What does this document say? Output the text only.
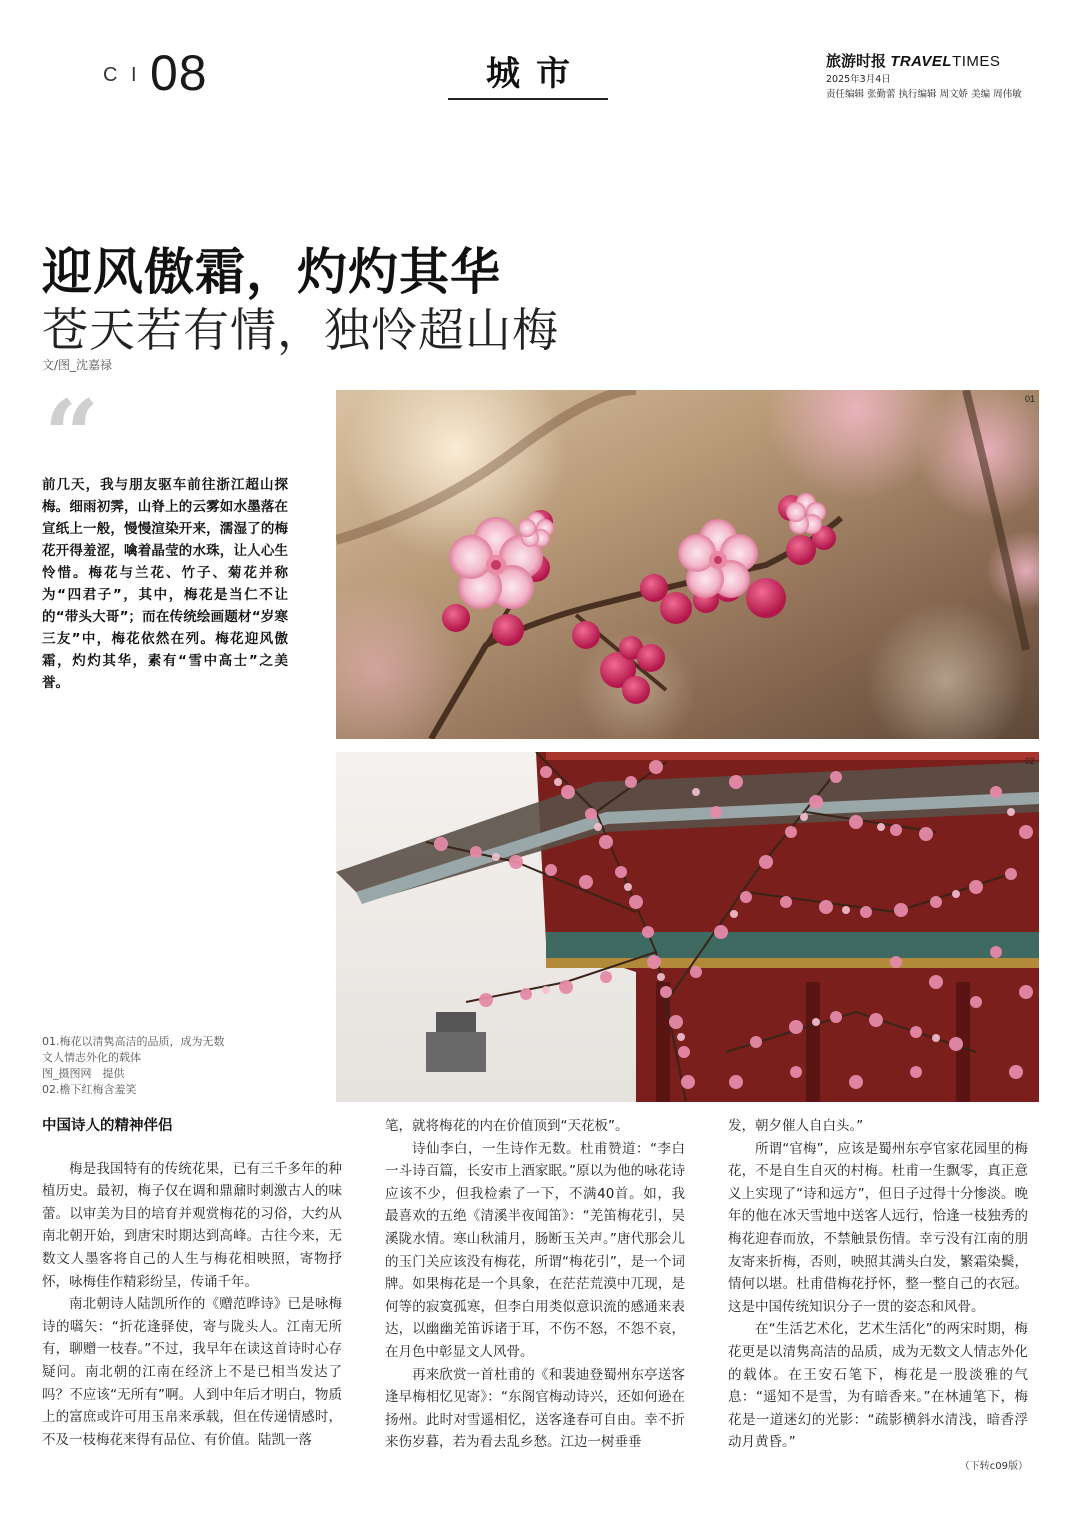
C I 08	城市	旅游时报 TRAVELTIMES
2025年3月4日
责任编辑 张勤蕾 执行编辑 周文娇 美编 周伟敏
迎风傲霜，灼灼其华
苍天若有情，独怜超山梅
文/图_沈嘉禄
“
前几天，我与朋友驱车前往浙江超山探梅。细雨初霁，山脊上的云雾如水墨落在宣纸上一般，慢慢渲染开来，濡湿了的梅花开得羞涩，噙着晶莹的水珠，让人心生怜惜。梅花与兰花、竹子、菊花并称为“四君子”，其中，梅花是当仁不让的“带头大哥”；而在传统绘画题材“岁寒三友”中，梅花依然在列。梅花迎风傲霜，灼灼其华，素有“雪中高士”之美誉。
01
02
01.梅花以清隽高洁的品质，成为无数
文人情志外化的载体
图_摄图网　提供
02.檐下红梅含羞笑
中国诗人的精神伴侣

梅是我国特有的传统花果，已有三千多年的种植历史。最初，梅子仅在调和鼎鼐时刺激古人的味蕾。以审美为目的培育并观赏梅花的习俗，大约从南北朝开始，到唐宋时期达到高峰。古往今来，无数文人墨客将自己的人生与梅花相映照，寄物抒怀，咏梅佳作精彩纷呈，传诵千年。

南北朝诗人陆凯所作的《赠范晔诗》已是咏梅诗的嚆矢：“折花逢驿使，寄与陇头人。江南无所有，聊赠一枝春。”不过，我早年在读这首诗时心存疑问。南北朝的江南在经济上不是已相当发达了吗？不应该“无所有”啊。人到中年后才明白，物质上的富庶或许可用玉帛来承载，但在传递情感时，不及一枝梅花来得有品位、有价值。陆凯一落

笔，就将梅花的内在价值顶到“天花板”。

诗仙李白，一生诗作无数。杜甫赞道：“李白一斗诗百篇，长安市上酒家眠。”原以为他的咏花诗应该不少，但我检索了一下，不满40首。如，我最喜欢的五绝《清溪半夜闻笛》：“羌笛梅花引，吴溪陇水情。寒山秋浦月，肠断玉关声。”唐代那会儿的玉门关应该没有梅花，所谓“梅花引”，是一个词牌。如果梅花是一个具象，在茫茫荒漠中兀现，是何等的寂寞孤寒，但李白用类似意识流的感通来表达，以幽幽羌笛诉诸于耳，不伤不怒，不怨不哀，在月色中彰显文人风骨。

再来欣赏一首杜甫的《和裴迪登蜀州东亭送客逢早梅相忆见寄》：“东阁官梅动诗兴，还如何逊在扬州。此时对雪遥相忆，送客逢春可自由。幸不折来伤岁暮，若为看去乱乡愁。江边一树垂垂

发，朝夕催人自白头。”

所谓“官梅”，应该是蜀州东亭官家花园里的梅花，不是自生自灭的村梅。杜甫一生飘零，真正意义上实现了“诗和远方”，但日子过得十分惨淡。晚年的他在冰天雪地中送客人远行，恰逢一枝独秀的梅花迎春而放，不禁触景伤情。幸亏没有江南的朋友寄来折梅，否则，映照其满头白发，繁霜染鬓，情何以堪。杜甫借梅花抒怀，整一整自己的衣冠。这是中国传统知识分子一贯的姿态和风骨。

在“生活艺术化，艺术生活化”的两宋时期，梅花更是以清隽高洁的品质，成为无数文人情志外化的载体。在王安石笔下，梅花是一股淡雅的气息：“遥知不是雪，为有暗香来。”在林逋笔下，梅花是一道迷幻的光影：“疏影横斜水清浅，暗香浮动月黄昏。”

（下转c09版）
